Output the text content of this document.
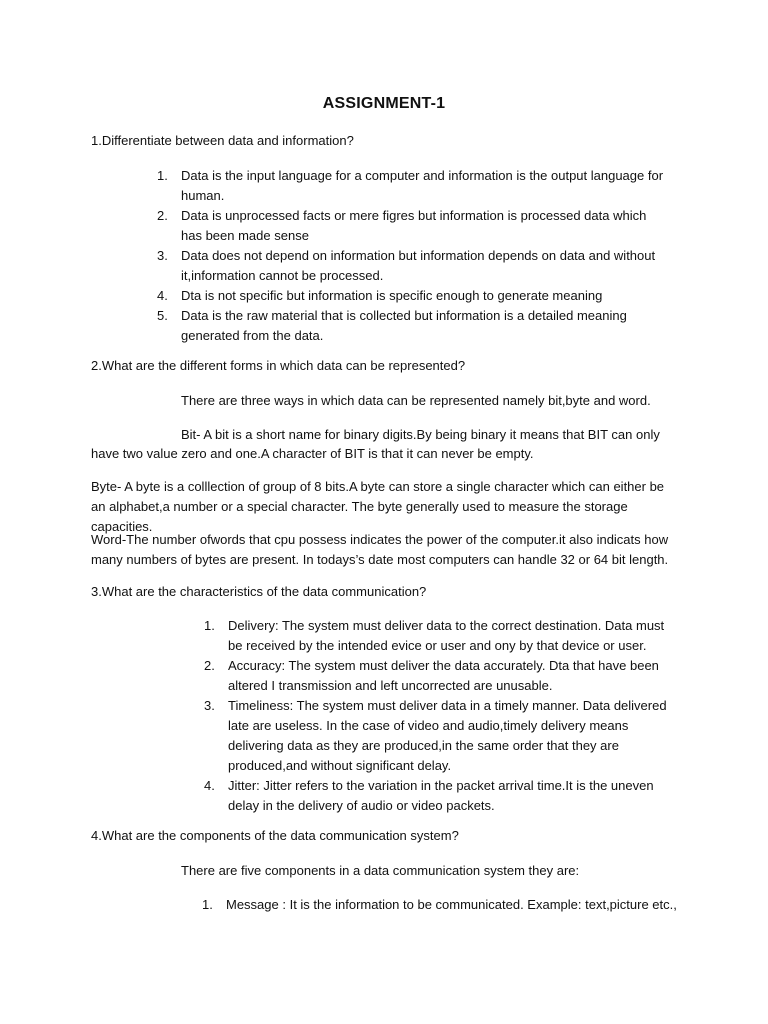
ASSIGNMENT-1
1.Differentiate between data and information?
1. Data is the input language for a computer and information is the output language for human.
2. Data is unprocessed facts or mere figres but information is processed data which has been made sense
3. Data does not depend on information but information depends on data and without it,information cannot be processed.
4. Dta is not specific but information is specific enough to generate meaning
5. Data is the raw material that is collected but information is a detailed meaning generated from the data.
2.What are the different forms in which data can be represented?
There are three ways in which data can be represented namely bit,byte and word.
Bit- A bit is a short name for binary digits.By being binary it means that BIT can only
have two value zero and one.A character of BIT is that it can never be empty.
Byte- A byte is a colllection of group of 8 bits.A byte can store a single character which can either be an alphabet,a number or a special character. The byte generally used to measure the storage capacities.
Word-The number ofwords that cpu possess indicates the power of the computer.it also indicats how many numbers of bytes are present. In todays’s date most computers can handle 32 or 64 bit length.
3.What are the characteristics of the data communication?
1. Delivery: The system must deliver data to the correct destination. Data must be received by the intended evice or user and ony by that device or user.
2. Accuracy: The system must deliver the data accurately. Dta that have been altered I transmission and left uncorrected are unusable.
3. Timeliness: The system must deliver data in a timely manner. Data delivered late are useless. In the case of video and audio,timely delivery means delivering data as they are produced,in the same order that they are produced,and without significant delay.
4. Jitter: Jitter refers to the variation in the packet arrival time.It is the uneven delay in the delivery of audio or video packets.
4.What are the components of the data communication system?
There are five components in a data communication system they are:
1. Message : It is the information to be communicated. Example: text,picture etc.,
